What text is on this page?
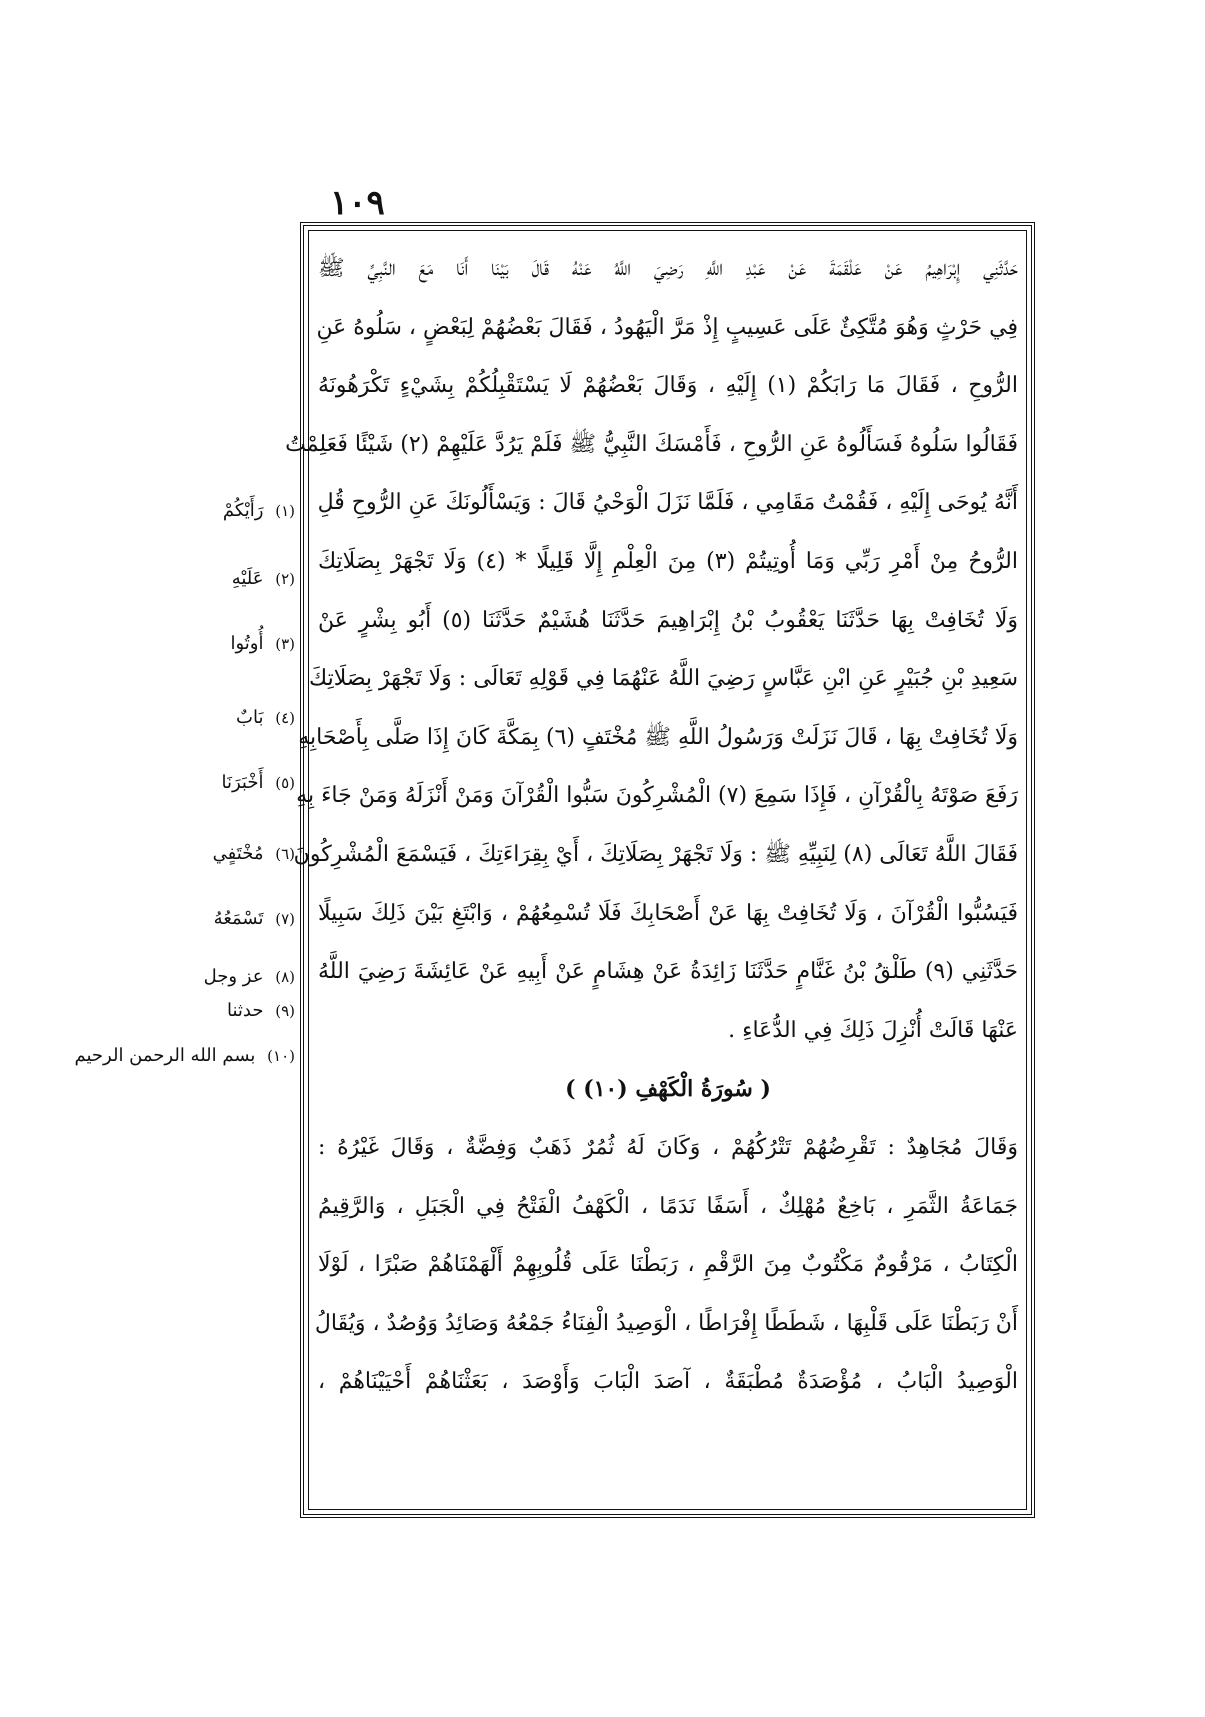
١٠٩
حَدَّثَنِي إِبْرَاهِيمُ عَنْ عَلْقَمَةَ عَنْ عَبْدِ اللَّهِ رَضِيَ اللَّهُ عَنْهُ قَالَ بَيْنَا أَنَا مَعَ النَّبِيِّ ﷺ
فِي حَرْثٍ وَهُوَ مُتَّكِئٌ عَلَى عَسِيبٍ إِذْ مَرَّ الْيَهُودُ ، فَقَالَ بَعْضُهُمْ لِبَعْضٍ ، سَلُوهُ عَنِ
الرُّوحِ ، فَقَالَ مَا رَابَكُمْ (١) إِلَيْهِ ، وَقَالَ بَعْضُهُمْ لَا يَسْتَقْبِلُكُمْ بِشَيْءٍ تَكْرَهُونَهُ
فَقَالُوا سَلُوهُ فَسَأَلُوهُ عَنِ الرُّوحِ ، فَأَمْسَكَ النَّبِيُّ ﷺ فَلَمْ يَرُدَّ عَلَيْهِمْ (٢) شَيْئًا فَعَلِمْتُ
أَنَّهُ يُوحَى إِلَيْهِ ، فَقُمْتُ مَقَامِي ، فَلَمَّا نَزَلَ الْوَحْيُ قَالَ : وَيَسْأَلُونَكَ عَنِ الرُّوحِ قُلِ
الرُّوحُ مِنْ أَمْرِ رَبِّي وَمَا أُوتِيتُمْ (٣) مِنَ الْعِلْمِ إِلَّا قَلِيلًا * (٤) وَلَا تَجْهَرْ بِصَلَاتِكَ
وَلَا تُخَافِتْ بِهَا حَدَّثَنَا يَعْقُوبُ بْنُ إِبْرَاهِيمَ حَدَّثَنَا هُشَيْمٌ حَدَّثَنَا (٥) أَبُو بِشْرٍ عَنْ
سَعِيدِ بْنِ جُبَيْرٍ عَنِ ابْنِ عَبَّاسٍ رَضِيَ اللَّهُ عَنْهُمَا فِي قَوْلِهِ تَعَالَى : وَلَا تَجْهَرْ بِصَلَاتِكَ
وَلَا تُخَافِتْ بِهَا ، قَالَ نَزَلَتْ وَرَسُولُ اللَّهِ ﷺ مُخْتَفٍ (٦) بِمَكَّةَ كَانَ إِذَا صَلَّى بِأَصْحَابِهِ
رَفَعَ صَوْتَهُ بِالْقُرْآنِ ، فَإِذَا سَمِعَ (٧) الْمُشْرِكُونَ سَبُّوا الْقُرْآنَ وَمَنْ أَنْزَلَهُ وَمَنْ جَاءَ بِهِ
فَقَالَ اللَّهُ تَعَالَى (٨) لِنَبِيِّهِ ﷺ : وَلَا تَجْهَرْ بِصَلَاتِكَ ، أَيْ بِقِرَاءَتِكَ ، فَيَسْمَعَ الْمُشْرِكُونَ
فَيَسُبُّوا الْقُرْآنَ ، وَلَا تُخَافِتْ بِهَا عَنْ أَصْحَابِكَ فَلَا تُسْمِعُهُمْ ، وَابْتَغِ بَيْنَ ذَلِكَ سَبِيلًا
حَدَّثَنِي (٩) طَلْقُ بْنُ غَنَّامٍ حَدَّثَنَا زَائِدَةُ عَنْ هِشَامٍ عَنْ أَبِيهِ عَنْ عَائِشَةَ رَضِيَ اللَّهُ
عَنْهَا قَالَتْ أُنْزِلَ ذَلِكَ فِي الدُّعَاءِ .
( سُورَةُ الْكَهْفِ (١٠) )
وَقَالَ مُجَاهِدٌ : تَقْرِضُهُمْ تَتْرُكُهُمْ ، وَكَانَ لَهُ ثُمُرٌ ذَهَبٌ وَفِضَّةٌ ، وَقَالَ غَيْرُهُ :
جَمَاعَةُ الثَّمَرِ ، بَاخِعٌ مُهْلِكٌ ، أَسَفًا نَدَمًا ، الْكَهْفُ الْفَتْحُ فِي الْجَبَلِ ، وَالرَّقِيمُ
الْكِتَابُ ، مَرْقُومٌ مَكْتُوبٌ مِنَ الرَّقْمِ ، رَبَطْنَا عَلَى قُلُوبِهِمْ أَلْهَمْنَاهُمْ صَبْرًا ، لَوْلَا
أَنْ رَبَطْنَا عَلَى قَلْبِهَا ، شَطَطًا إِفْرَاطًا ، الْوَصِيدُ الْفِنَاءُ جَمْعُهُ وَصَائِدُ وَوُصُدٌ ، وَيُقَالُ
الْوَصِيدُ الْبَابُ ، مُؤْصَدَةٌ مُطْبَقَةٌ ، آصَدَ الْبَابَ وَأَوْصَدَ ، بَعَثْنَاهُمْ أَحْيَيْنَاهُمْ ،
(١) رَأَيْكُمْ
(٢) عَلَيْهِ
(٣) أُوتُوا
(٤) بَابٌ
(٥) أَخْبَرَنَا
(٦) مُخْتَفٍي
(٧) تَسْمَعُهُ
(٨) عز وجل
(٩) حدثنا
(١٠) بسم الله الرحمن الرحيم
